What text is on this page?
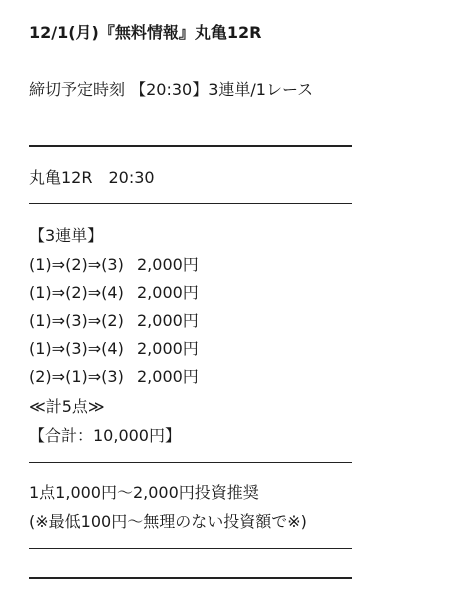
12/1(月)『無料情報』丸亀12R
締切予定時刻 【20:30】3連単/1レース
丸亀12R　20:30
【3連単】
(1)⇒(2)⇒(3) 2,000円
(1)⇒(2)⇒(4) 2,000円
(1)⇒(3)⇒(2) 2,000円
(1)⇒(3)⇒(4) 2,000円
(2)⇒(1)⇒(3) 2,000円
≪計5点≫
【合計：10,000円】
1点1,000円〜2,000円投資推奨
(※最低100円〜無理のない投資額で※)
